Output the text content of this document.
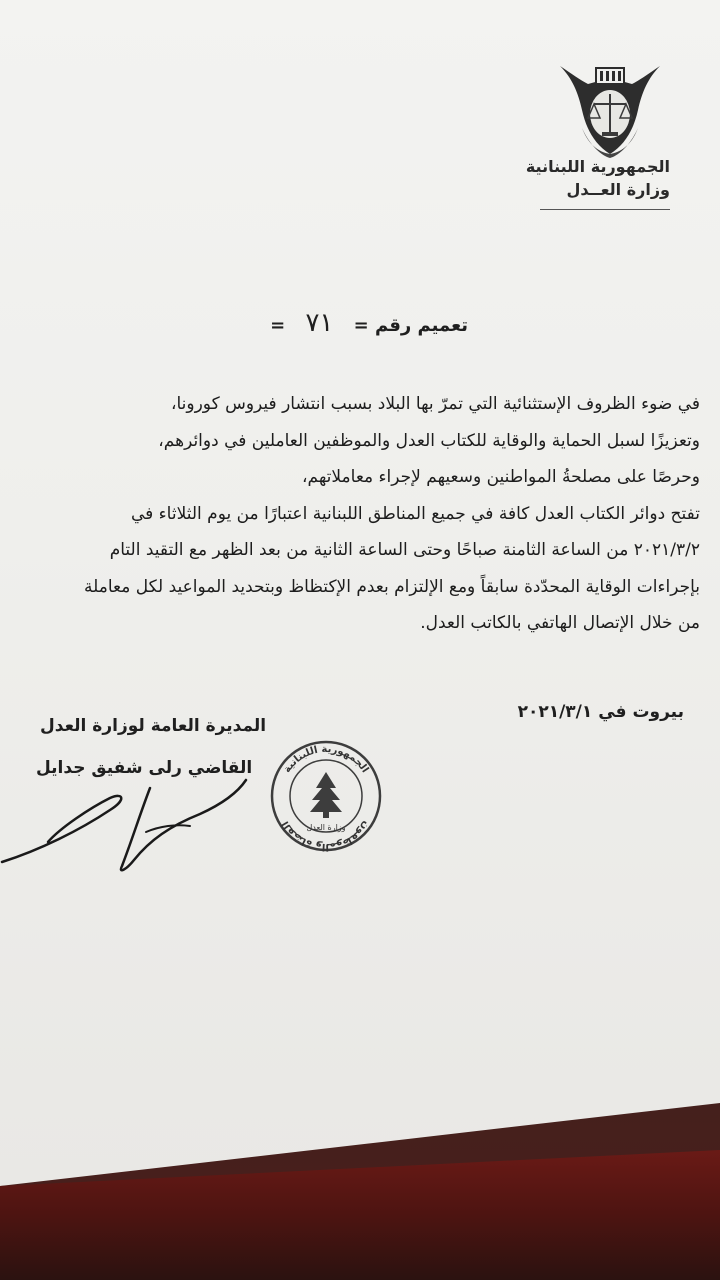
الجمهورية اللبنانية
وزارة العــدل
تعميم رقم = ٧١ =

في ضوء الظروف الإستثنائية التي تمرّ بها البلاد بسبب انتشار فيروس كورونا،

وتعزيزًا لسبل الحماية والوقاية للكتاب العدل والموظفين العاملين في دوائرهم،

وحرصًا على مصلحةُ المواطنين وسعيهم لإجراء معاملاتهم،

تفتح دوائر الكتاب العدل كافة في جميع المناطق اللبنانية اعتبارًا من يوم الثلاثاء في

٢٠٢١/٣/٢ من الساعة الثامنة صباحًا وحتى الساعة الثانية من بعد الظهر مع التقيد التام

بإجراءات الوقاية المحدّدة سابقاً ومع الإلتزام بعدم الإكتظاظ وبتحديد المواعيد لكل معاملة

من خلال الإتصال الهاتفي بالكاتب العدل.

بيروت في ٢٠٢١/٣/١
المديرة العامة لوزارة العدل
القاضي رلى شفيق جدايل	الجمهورية اللبنانية
القضاة والموظفون	وزارة العدل
